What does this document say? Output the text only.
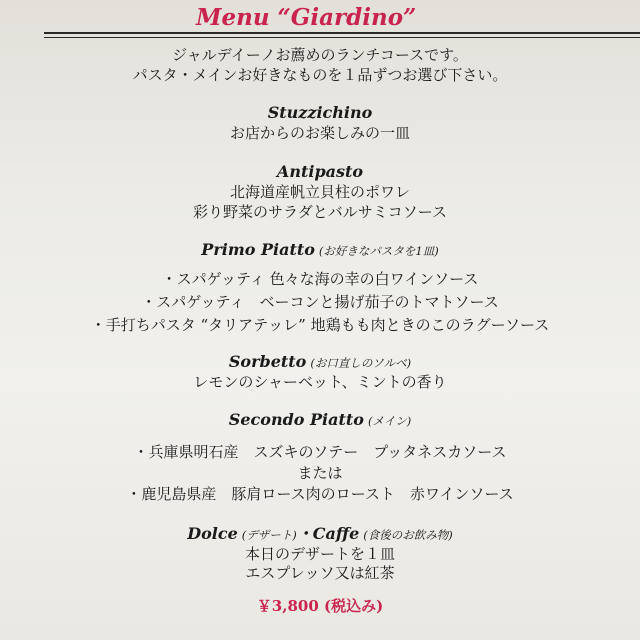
Menu “Giardino”
ジャルデイーノお薦めのランチコースです。
パスタ・メインお好きなものを１品ずつお選び下さい。
Stuzzichino
お店からのお楽しみの一皿
Antipasto
北海道産帆立貝柱のポワレ
彩り野菜のサラダとバルサミコソース
Primo Piatto (お好きなパスタを1皿)
・スパゲッティ 色々な海の幸の白ワインソース
・スパゲッティ　ベーコンと揚げ茄子のトマトソース
・手打ちパスタ “タリアテッレ” 地鶏もも肉ときのこのラグーソース
Sorbetto (お口直しのソルベ)
レモンのシャーベット、ミントの香り
Secondo Piatto (メイン)
・兵庫県明石産　スズキのソテー　プッタネスカソース
または
・鹿児島県産　豚肩ロース肉のロースト　赤ワインソース
Dolce (デザート)・Caffe (食後のお飲み物)
本日のデザートを１皿
エスプレッソ又は紅茶
￥3,800 (税込み)
